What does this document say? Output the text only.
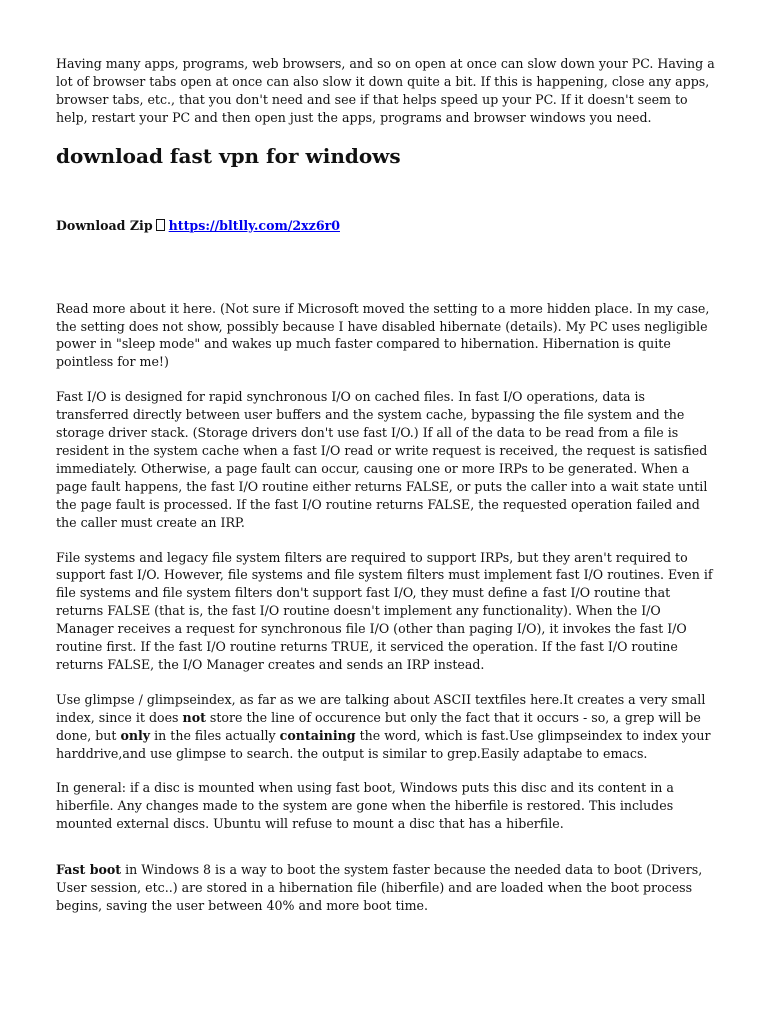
Having many apps, programs, web browsers, and so on open at once can slow down your PC. Having a lot of browser tabs open at once can also slow it down quite a bit. If this is happening, close any apps, browser tabs, etc., that you don't need and see if that helps speed up your PC. If it doesn't seem to help, restart your PC and then open just the apps, programs and browser windows you need.

download fast vpn for windows
Download Zip https://bltlly.com/2xz6r0

Read more about it here. (Not sure if Microsoft moved the setting to a more hidden place. In my case, the setting does not show, possibly because I have disabled hibernate (details). My PC uses negligible power in "sleep mode" and wakes up much faster compared to hibernation. Hibernation is quite pointless for me!)

Fast I/O is designed for rapid synchronous I/O on cached files. In fast I/O operations, data is transferred directly between user buffers and the system cache, bypassing the file system and the storage driver stack. (Storage drivers don't use fast I/O.) If all of the data to be read from a file is resident in the system cache when a fast I/O read or write request is received, the request is satisfied immediately. Otherwise, a page fault can occur, causing one or more IRPs to be generated. When a page fault happens, the fast I/O routine either returns FALSE, or puts the caller into a wait state until the page fault is processed. If the fast I/O routine returns FALSE, the requested operation failed and the caller must create an IRP.

File systems and legacy file system filters are required to support IRPs, but they aren't required to support fast I/O. However, file systems and file system filters must implement fast I/O routines. Even if file systems and file system filters don't support fast I/O, they must define a fast I/O routine that returns FALSE (that is, the fast I/O routine doesn't implement any functionality). When the I/O Manager receives a request for synchronous file I/O (other than paging I/O), it invokes the fast I/O routine first. If the fast I/O routine returns TRUE, it serviced the operation. If the fast I/O routine returns FALSE, the I/O Manager creates and sends an IRP instead.

Use glimpse / glimpseindex, as far as we are talking about ASCII textfiles here.It creates a very small index, since it does not store the line of occurence but only the fact that it occurs - so, a grep will be done, but only in the files actually containing the word, which is fast.Use glimpseindex to index your harddrive,and use glimpse to search. the output is similar to grep.Easily adaptabe to emacs.

In general: if a disc is mounted when using fast boot, Windows puts this disc and its content in a hiberfile. Any changes made to the system are gone when the hiberfile is restored. This includes mounted external discs. Ubuntu will refuse to mount a disc that has a hiberfile.

Fast boot in Windows 8 is a way to boot the system faster because the needed data to boot (Drivers, User session, etc..) are stored in a hibernation file (hiberfile) and are loaded when the boot process begins, saving the user between 40% and more boot time.
